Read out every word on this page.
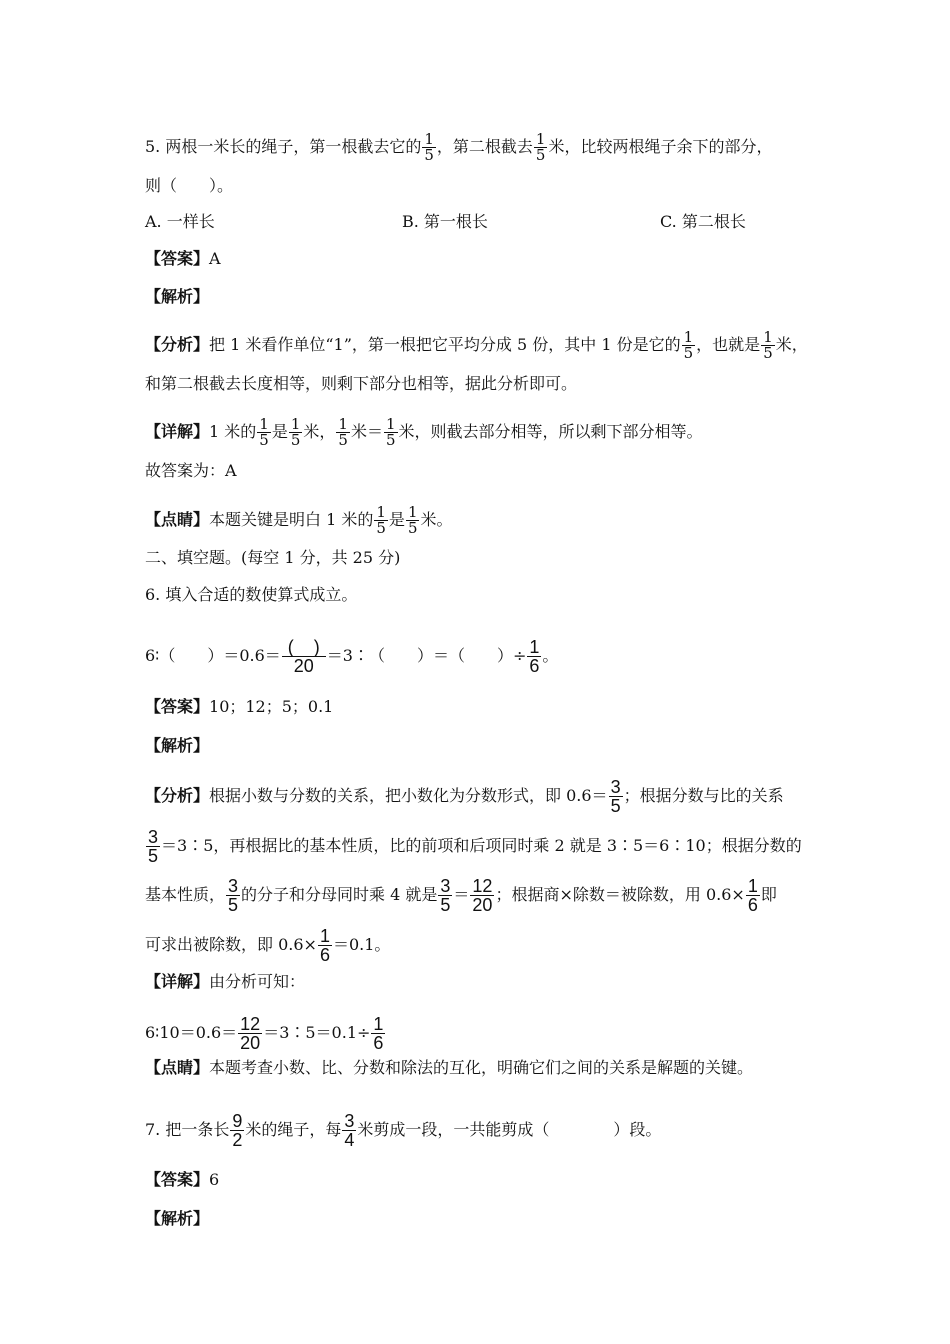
5. 两根一米长的绳子，第一根截去它的 $\frac{1}{5}$ ，第二根截去 $\frac{1}{5}$ 米，比较两根绳子余下的部分，
则（　　）。
A. 一样长	B. 第一根长	C. 第二根长
【答案】A
【解析】
【分析】把 1 米看作单位“1”，第一根把它平均分成 5 份，其中 1 份是它的 $\frac{1}{5}$ ，也就是 $\frac{1}{5}$ 米，
和第二根截去长度相等，则剩下部分也相等，据此分析即可。
【详解】1 米的 $\frac{1}{5}$ 是 $\frac{1}{5}$ 米， $\frac{1}{5}$ 米＝ $\frac{1}{5}$ 米，则截去部分相等，所以剩下部分相等。
故答案为：A
【点睛】本题关键是明白 1 米的 $\frac{1}{5}$ 是 $\frac{1}{5}$ 米。
二、填空题。(每空 1 分，共 25 分)
6. 填入合适的数使算式成立。
6∶（　　）$=0.6= \frac{( )}{20}$ ＝3∶（　　）＝（　　）÷ $\frac{1}{6}$ 。
【答案】10；12；5；0.1
【解析】
【分析】根据小数与分数的关系，把小数化为分数形式，即 $0.6= \frac{3}{5}$ ；根据分数与比的关系
$\frac{3}{5}$ ＝3∶5，再根据比的基本性质，比的前项和后项同时乘 2 就是 3∶5＝6∶10；根据分数的
基本性质， $\frac{3}{5}$ 的分子和分母同时乘 4 就是 $\frac{3}{5} = \frac{12}{20}$ ；根据商×除数＝被除数，用 $0.6\times \frac{1}{6}$ 即
可求出被除数，即 $0.6\times \frac{1}{6} =0.1$。
【详解】由分析可知：
6∶10＝0.6＝ $\frac{12}{20}$ ＝3∶5＝0.1÷ $\frac{1}{6}$
【点睛】本题考查小数、比、分数和除法的互化，明确它们之间的关系是解题的关键。
7. 把一条长 $\frac{9}{2}$ 米的绳子，每 $\frac{3}{4}$ 米剪成一段，一共能剪成（　　　　）段。
【答案】6
【解析】
